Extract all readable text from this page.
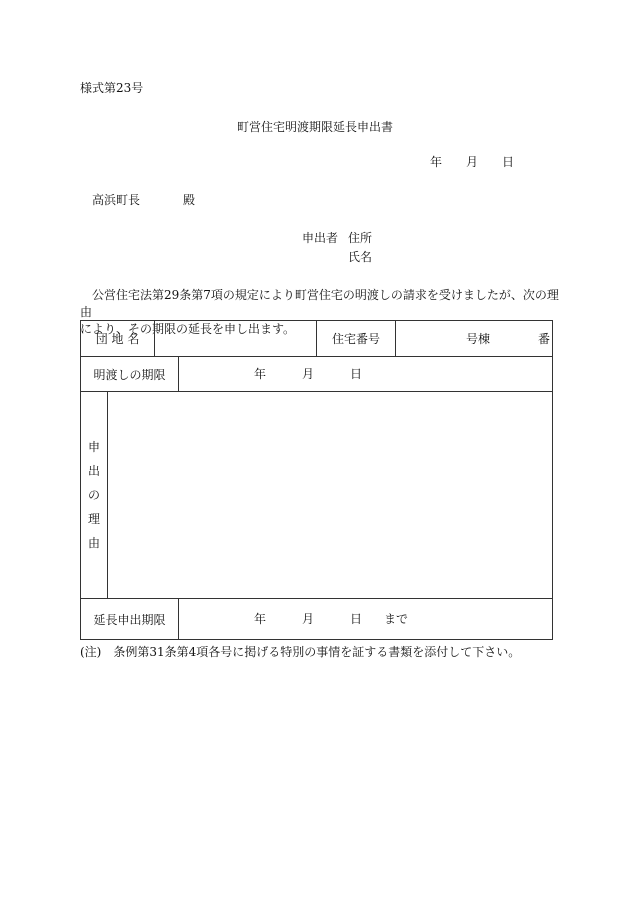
様式第23号
町営住宅明渡期限延長申出書
年 月 日
高浜町長	殿
申出者 住所
氏名

公営住宅法第29条第7項の規定により町営住宅の明渡しの請求を受けましたが、次の理由

により、その期限の延長を申し出ます。

団 地 名				住宅番号	号棟 番

明渡しの期限			年 月 日		

申
出
の
理
由					

延長申出期限			年 月 日 まで		
(注)　条例第31条第4項各号に掲げる特別の事情を証する書類を添付して下さい。
